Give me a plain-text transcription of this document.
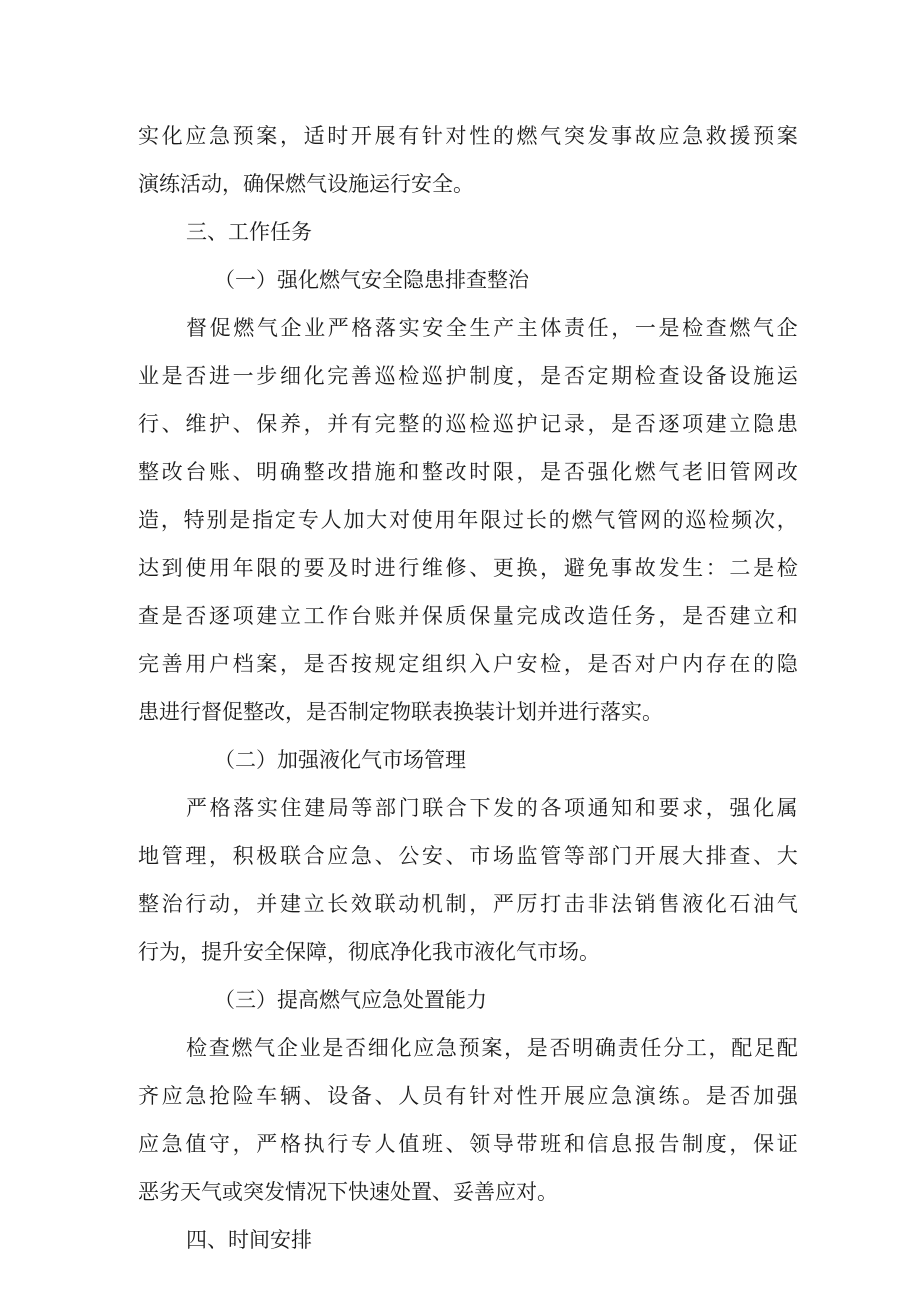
实 化 应 急 预 案 ， 适 时 开 展 有 针 对 性 的 燃 气 突 发 事 故 应 急 救 援 预 案
演练活动，确保燃气设施运行安全。
三、工作任务
（一）强化燃气安全隐患排查整治
督 促 燃 气 企 业 严 格 落 实 安 全 生 产 主 体 责 任 ， 一 是 检 查 燃 气 企
业 是 否 进 一 步 细 化 完 善 巡 检 巡 护 制 度 ， 是 否 定 期 检 查 设 备 设 施 运
行 、 维 护 、 保 养 ， 并 有 完 整 的 巡 检 巡 护 记 录 ， 是 否 逐 项 建 立 隐 患
整 改 台 账 、 明 确 整 改 措 施 和 整 改 时 限 ， 是 否 强 化 燃 气 老 旧 管 网 改
造 ， 特 别 是 指 定 专 人 加 大 对 使 用 年 限 过 长 的 燃 气 管 网 的 巡 检 频 次 ，
达 到 使 用 年 限 的 要 及 时 进 行 维 修 、 更 换 ， 避 免 事 故 发 生 ： 二 是 检
查 是 否 逐 项 建 立 工 作 台 账 并 保 质 保 量 完 成 改 造 任 务 ， 是 否 建 立 和
完 善 用 户 档 案 ， 是 否 按 规 定 组 织 入 户 安 检 ， 是 否 对 户 内 存 在 的 隐
患进行督促整改，是否制定物联表换装计划并进行落实。
（二）加强液化气市场管理
严 格 落 实 住 建 局 等 部 门 联 合 下 发 的 各 项 通 知 和 要 求 ， 强 化 属
地 管 理 ， 积 极 联 合 应 急 、 公 安 、 市 场 监 管 等 部 门 开 展 大 排 查 、 大
整 治 行 动 ， 并 建 立 长 效 联 动 机 制 ， 严 厉 打 击 非 法 销 售 液 化 石 油 气
行为，提升安全保障，彻底净化我市液化气市场。
（三）提高燃气应急处置能力
检 查 燃 气 企 业 是 否 细 化 应 急 预 案 ， 是 否 明 确 责 任 分 工 ， 配 足 配
齐 应 急 抢 险 车 辆 、 设 备 、 人 员 有 针 对 性 开 展 应 急 演 练 。 是 否 加 强
应 急 值 守 ， 严 格 执 行 专 人 值 班 、 领 导 带 班 和 信 息 报 告 制 度 ， 保 证
恶劣天气或突发情况下快速处置、妥善应对。
四、时间安排
